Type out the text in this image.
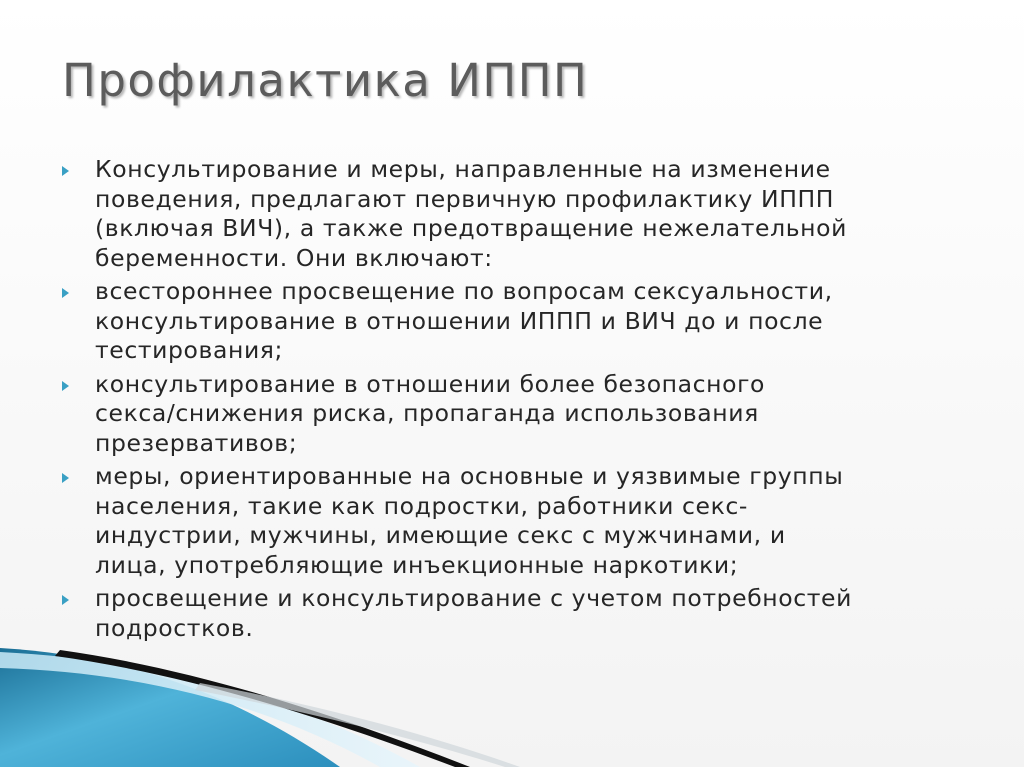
Профилактика ИППП
Консультирование и меры, направленные на изменение
поведения, предлагают первичную профилактику ИППП
(включая ВИЧ), а также предотвращение нежелательной
беременности. Они включают:
всестороннее просвещение по вопросам сексуальности,
консультирование в отношении ИППП и ВИЧ до и после
тестирования;
консультирование в отношении более безопасного
секса/снижения риска, пропаганда использования
презервативов;
меры, ориентированные на основные и уязвимые группы
населения, такие как подростки, работники секс-
индустрии, мужчины, имеющие секс с мужчинами, и
лица, употребляющие инъекционные наркотики;
просвещение и консультирование с учетом потребностей
подростков.
